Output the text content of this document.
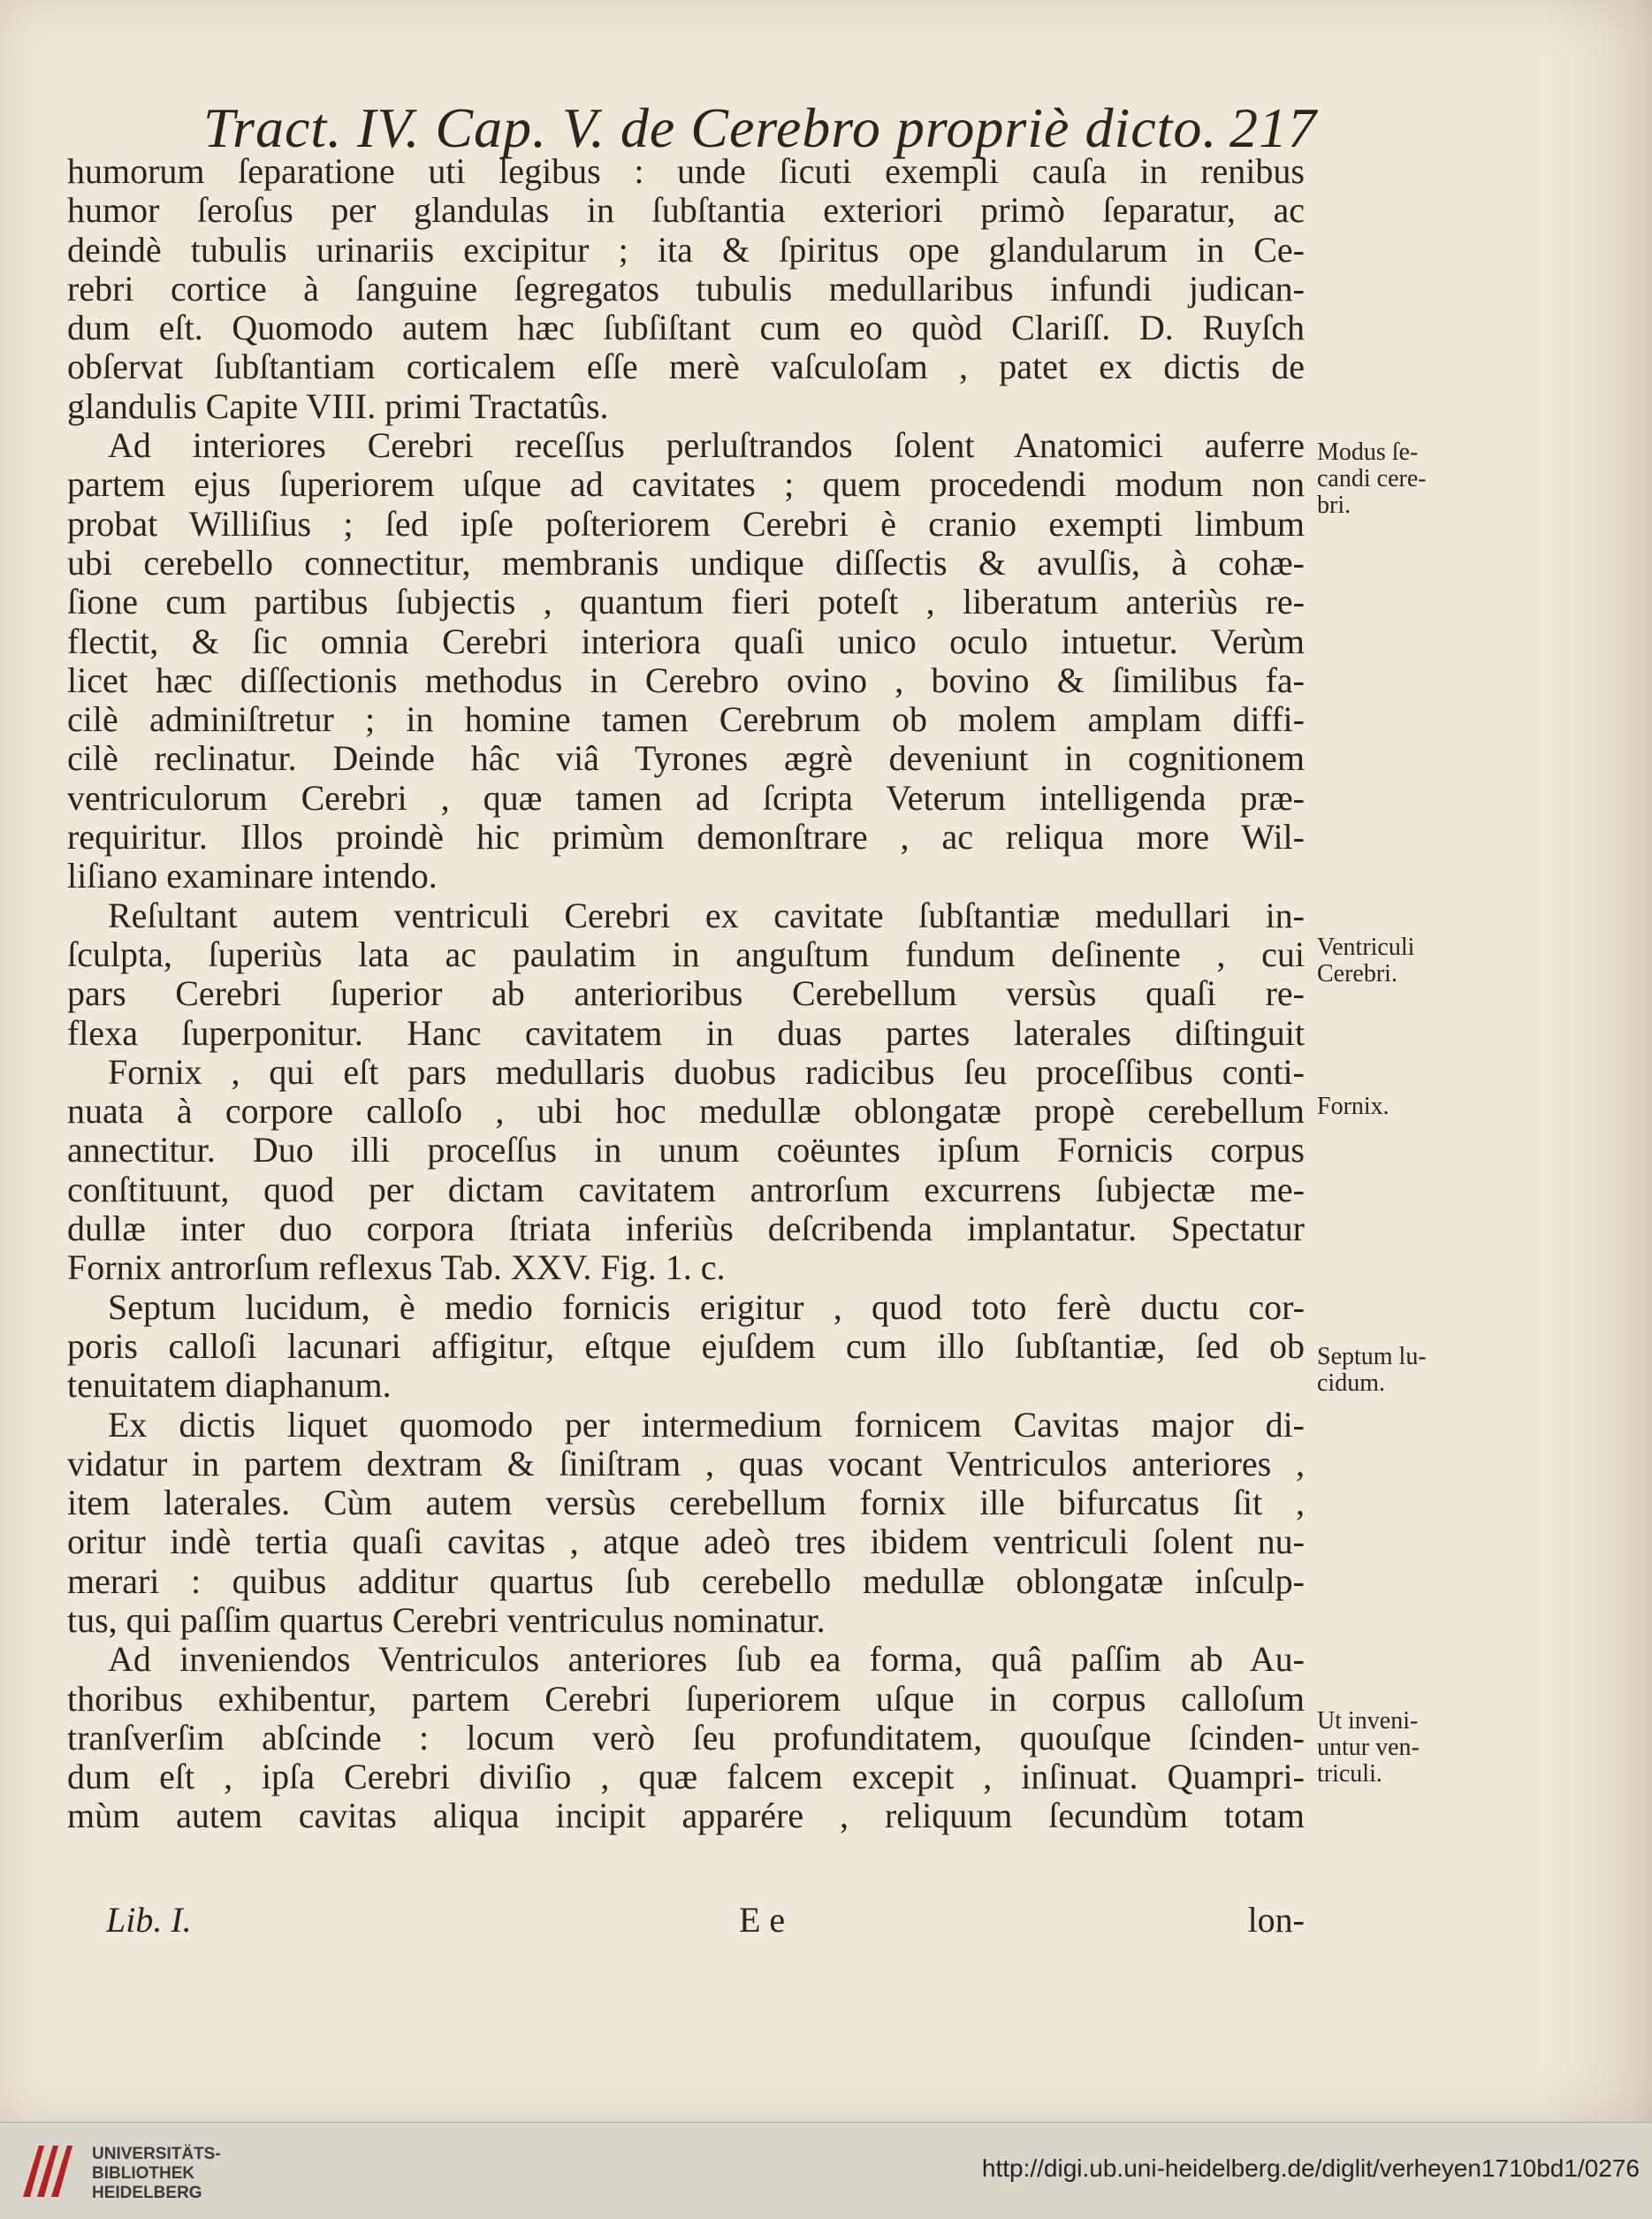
Tract. IV. Cap. V. de Cerebro propriè dicto. 217
humorum ſeparatione uti legibus : unde ſicuti exempli cauſa in renibus
humor ſeroſus per glandulas in ſubſtantia exteriori primò ſeparatur, ac
deindè tubulis urinariis excipitur ; ita & ſpiritus ope glandularum in Ce-
rebri cortice à ſanguine ſegregatos tubulis medullaribus infundi judican-
dum eſt. Quomodo autem hæc ſubſiſtant cum eo quòd Clariſſ. D. Ruyſch
obſervat ſubſtantiam corticalem eſſe merè vaſculoſam , patet ex dictis de
glandulis Capite VIII. primi Tractatûs.
Ad interiores Cerebri receſſus perluſtrandos ſolent Anatomici auferre
partem ejus ſuperiorem uſque ad cavitates ; quem procedendi modum non
probat Williſius ; ſed ipſe poſteriorem Cerebri è cranio exempti limbum
ubi cerebello connectitur, membranis undique diſſectis & avulſis, à cohæ-
ſione cum partibus ſubjectis , quantum fieri poteſt , liberatum anteriùs re-
flectit, & ſic omnia Cerebri interiora quaſi unico oculo intuetur. Verùm
licet hæc diſſectionis methodus in Cerebro ovino , bovino & ſimilibus fa-
cilè adminiſtretur ; in homine tamen Cerebrum ob molem amplam diffi-
cilè reclinatur. Deinde hâc viâ Tyrones ægrè deveniunt in cognitionem
ventriculorum Cerebri , quæ tamen ad ſcripta Veterum intelligenda præ-
requiritur. Illos proindè hic primùm demonſtrare , ac reliqua more Wil-
liſiano examinare intendo.
Reſultant autem ventriculi Cerebri ex cavitate ſubſtantiæ medullari in-
ſculpta, ſuperiùs lata ac paulatim in anguſtum fundum deſinente , cui
pars Cerebri ſuperior ab anterioribus Cerebellum versùs quaſi re-
flexa ſuperponitur. Hanc cavitatem in duas partes laterales diſtinguit
Fornix , qui eſt pars medullaris duobus radicibus ſeu proceſſibus conti-
nuata à corpore calloſo , ubi hoc medullæ oblongatæ propè cerebellum
annectitur. Duo illi proceſſus in unum coëuntes ipſum Fornicis corpus
conſtituunt, quod per dictam cavitatem antrorſum excurrens ſubjectæ me-
dullæ inter duo corpora ſtriata inferiùs deſcribenda implantatur. Spectatur
Fornix antrorſum reflexus Tab. XXV. Fig. 1. c.
Septum lucidum, è medio fornicis erigitur , quod toto ferè ductu cor-
poris calloſi lacunari affigitur, eſtque ejuſdem cum illo ſubſtantiæ, ſed ob
tenuitatem diaphanum.
Ex dictis liquet quomodo per intermedium fornicem Cavitas major di-
vidatur in partem dextram & ſiniſtram , quas vocant Ventriculos anteriores ,
item laterales. Cùm autem versùs cerebellum fornix ille bifurcatus ſit ,
oritur indè tertia quaſi cavitas , atque adeò tres ibidem ventriculi ſolent nu-
merari : quibus additur quartus ſub cerebello medullæ oblongatæ inſculp-
tus, qui paſſim quartus Cerebri ventriculus nominatur.
Ad inveniendos Ventriculos anteriores ſub ea forma, quâ paſſim ab Au-
thoribus exhibentur, partem Cerebri ſuperiorem uſque in corpus calloſum
tranſverſim abſcinde : locum verò ſeu profunditatem, quouſque ſcinden-
dum eſt , ipſa Cerebri diviſio , quæ falcem excepit , inſinuat. Quampri-
mùm autem cavitas aliqua incipit apparére , reliquum ſecundùm totam
Modus ſe-
candi cere-
bri.
Ventriculi
Cerebri.
Fornix.
Septum lu-
cidum.
Ut inveni-
untur ven-
triculi.
Lib. I.	E e	lon-
UNIVERSITÄTS-
BIBLIOTHEK
HEIDELBERG
http://digi.ub.uni-heidelberg.de/diglit/verheyen1710bd1/0276
